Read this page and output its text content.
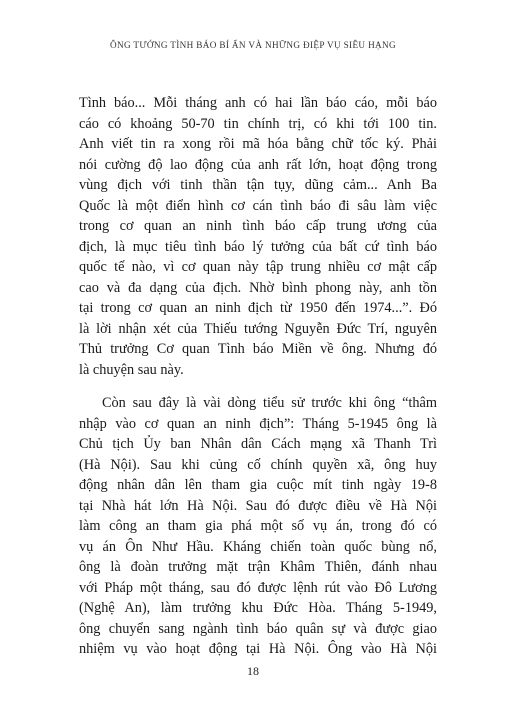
ÔNG TƯỚNG TÌNH BÁO BÍ ẨN VÀ NHỮNG ĐIỆP VỤ SIÊU HẠNG

Tình báo... Mỗi tháng anh có hai lần báo cáo, mỗi báo
cáo có khoảng 50-70 tin chính trị, có khi tới 100 tin.
Anh viết tin ra xong rồi mã hóa bằng chữ tốc ký. Phải
nói cường độ lao động của anh rất lớn, hoạt động trong
vùng địch với tinh thần tận tụy, dũng cảm... Anh Ba
Quốc là một điển hình cơ cán tình báo đi sâu làm việc
trong cơ quan an ninh tình báo cấp trung ương của
địch, là mục tiêu tình báo lý tưởng của bất cứ tình báo
quốc tế nào, vì cơ quan này tập trung nhiều cơ mật cấp
cao và đa dạng của địch. Nhờ bình phong này, anh tồn
tại trong cơ quan an ninh địch từ 1950 đến 1974...”. Đó
là lời nhận xét của Thiếu tướng Nguyễn Đức Trí, nguyên
Thủ trưởng Cơ quan Tình báo Miền về ông. Nhưng đó
là chuyện sau này.

Còn sau đây là vài dòng tiểu sử trước khi ông “thâm
nhập vào cơ quan an ninh địch”: Tháng 5-1945 ông là
Chủ tịch Ủy ban Nhân dân Cách mạng xã Thanh Trì
(Hà Nội). Sau khi củng cố chính quyền xã, ông huy
động nhân dân lên tham gia cuộc mít tinh ngày 19-8
tại Nhà hát lớn Hà Nội. Sau đó được điều về Hà Nội
làm công an tham gia phá một số vụ án, trong đó có
vụ án Ôn Như Hầu. Kháng chiến toàn quốc bùng nổ,
ông là đoàn trưởng mặt trận Khâm Thiên, đánh nhau
với Pháp một tháng, sau đó được lệnh rút vào Đô Lương
(Nghệ An), làm trưởng khu Đức Hòa. Tháng 5-1949,
ông chuyển sang ngành tình báo quân sự và được giao
nhiệm vụ vào hoạt động tại Hà Nội. Ông vào Hà Nội

18
